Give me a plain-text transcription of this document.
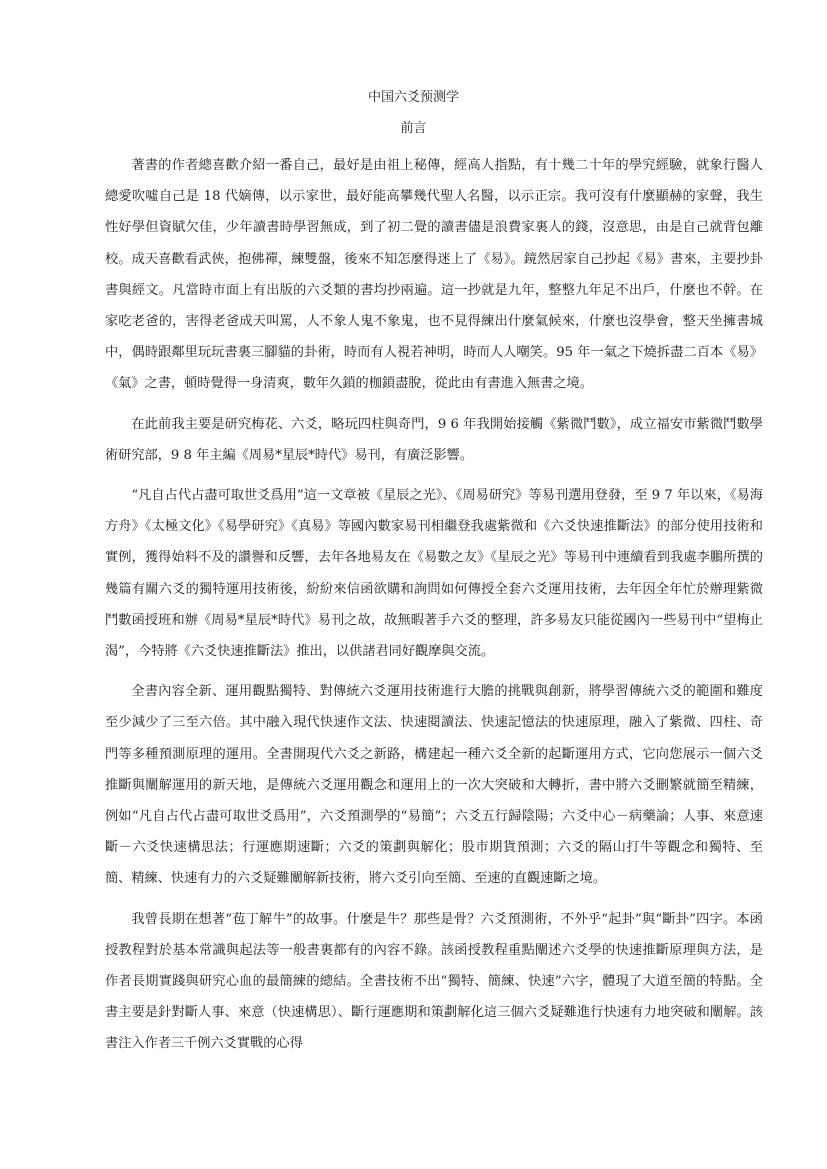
中国六爻预测学
前言

著書的作者總喜歡介紹一番自己，最好是由祖上秘傳，經高人指點，有十幾二十年的學究經驗，就象行醫人總愛吹噓自己是 18 代嫡傳，以示家世，最好能高攀幾代聖人名醫，以示正宗。我可沒有什麼顯赫的家聲，我生性好學但資賦欠佳，少年讀書時學習無成，到了初二覺的讀書儘是浪費家裏人的錢，沒意思，由是自己就背包離校。成天喜歡看武俠，抱佛禪，練雙盤，後來不知怎麼得迷上了《易》。鏡然居家自己抄起《易》書來，主要抄卦書與經文。凡當時市面上有出版的六爻類的書均抄兩遍。這一抄就是九年，整整九年足不出戶，什麼也不幹。在家吃老爸的，害得老爸成天叫罵，人不象人鬼不象鬼，也不見得練出什麼氣候來，什麼也沒學會，整天坐擁書城中，偶時跟鄰里玩玩書裏三腳貓的卦術，時而有人視若神明，時而人人嘲笑。95 年一氣之下燒拆盡二百本《易》《氣》之書，頓時覺得一身清爽，數年久鎖的枷鎖盡脫，從此由有書進入無書之境。

在此前我主要是研究梅花、六爻，略玩四柱與奇門，9 6 年我開始接觸《紫微鬥數》，成立福安市紫微鬥數學術研究部，9 8 年主編《周易*星辰*時代》易刊，有廣泛影響。

“凡自占代占盡可取世爻爲用”這一文章被《星辰之光》、《周易研究》等易刊選用登發，至 9 7 年以來，《易海方舟》《太極文化》《易學研究》《真易》等國內數家易刊相繼登我處紫微和《六爻快速推斷法》的部分使用技術和實例，獲得始料不及的讚譽和反響，去年各地易友在《易數之友》《星辰之光》等易刊中連續看到我處李鵬所撰的幾篇有關六爻的獨特運用技術後，紛紛來信函欲購和詢問如何傳授全套六爻運用技術，去年因全年忙於辦理紫微鬥數函授班和辦《周易*星辰*時代》易刊之故，故無暇著手六爻的整理，許多易友只能從國內一些易刊中“望梅止渴”，今特將《六爻快速推斷法》推出，以供諸君同好觀摩與交流。

全書內容全新、運用觀點獨特、對傳統六爻運用技術進行大膽的挑戰與創新，將學習傳統六爻的範圍和難度至少減少了三至六倍。其中融入現代快速作文法、快速閱讀法、快速記憶法的快速原理，融入了紫微、四柱、奇門等多種預測原理的運用。全書開現代六爻之新路，構建起一種六爻全新的起斷運用方式，它向您展示一個六爻推斷與闡解運用的新天地，是傳統六爻運用觀念和運用上的一次大突破和大轉折，書中將六爻刪繁就簡至精練，例如“凡自占代占盡可取世爻爲用”，六爻預測學的“易簡”；六爻五行歸陰陽；六爻中心－病藥論；人事、來意速斷－六爻快速構思法；行運應期速斷；六爻的策劃與解化；股市期貨預測；六爻的隔山打牛等觀念和獨特、至簡、精練、快速有力的六爻疑難闡解新技術，將六爻引向至簡、至速的直觀速斷之境。

我曾長期在想著“苞丁解牛”的故事。什麼是牛？那些是骨？六爻預測術，不外乎“起卦”與“斷卦”四字。本函授教程對於基本常識與起法等一般書裏都有的內容不錄。該函授教程重點闡述六爻學的快速推斷原理與方法，是作者長期實踐與研究心血的最簡練的總結。全書技術不出“獨特、簡練、快速”六字，體現了大道至簡的特點。全書主要是針對斷人事、來意（快速構思）、斷行運應期和策劃解化這三個六爻疑難進行快速有力地突破和闡解。該書注入作者三千例六爻實戰的心得
